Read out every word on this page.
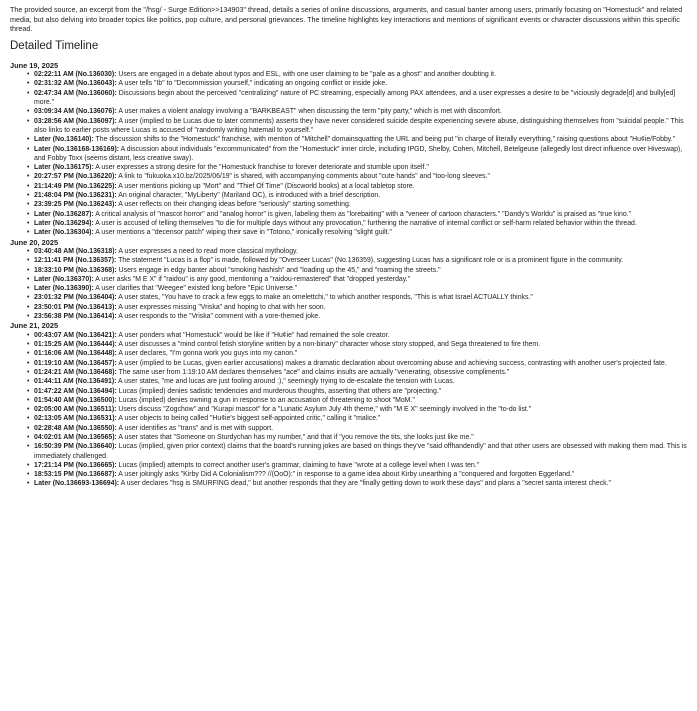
The provided source, an excerpt from the "/hsg/ - Surge Edition>>134903" thread, details a series of online discussions, arguments, and casual banter among users, primarily focusing on "Homestuck" and related media, but also delving into broader topics like politics, pop culture, and personal grievances. The timeline highlights key interactions and mentions of significant events or character discussions within this specific thread.

Detailed Timeline
June 19, 2025
• 02:22:11 AM (No.136030): Users are engaged in a debate about typos and ESL, with one user claiming to be "pale as a ghost" and another doubting it.
• 02:31:32 AM (No.136043): A user tells "Ib" to "Decommission yourself," indicating an ongoing conflict or inside joke.
• 02:47:34 AM (No.136060): Discussions begin about the perceived "centralizing" nature of PC streaming, especially among PAX attendees, and a user expresses a desire to be "viciously degrade[d] and bully[ed] more."
• 03:09:34 AM (No.136076): A user makes a violent analogy involving a "BARKBEAST" when discussing the term "pity party," which is met with discomfort.
• 03:28:56 AM (No.136097): A user (implied to be Lucas due to later comments) asserts they have never considered suicide despite experiencing severe abuse, distinguishing themselves from "suicidal people." This also links to earlier posts where Lucas is accused of "randomly writing hatemail to yourself."
• Later (No.136140): The discussion shifts to the "Homestuck" franchise, with mention of "Mitchell" domainsquatting the URL and being put "in charge of literally everything," raising questions about "Hu¢ie/Fobby."
• Later (No.136168-136169): A discussion about individuals "excommunicated" from the "Homestuck" inner circle, including IPGD, Shelby, Cohen, Mitchell, Betelgeuse (allegedly lost direct influence over Hiveswap), and Fobby Toxx (seems distant, less creative sway).
• Later (No.136175): A user expresses a strong desire for the "Homestuck franchise to forever deteriorate and stumble upon itself."
• 20:27:57 PM (No.136220): A link to "fukuoka.x10.bz/2025/06/19" is shared, with accompanying comments about "cute hands" and "too-long sleeves."
• 21:14:49 PM (No.136225): A user mentions picking up "Mort" and "Thief Of Time" (Discworld books) at a local tabletop store.
• 21:48:04 PM (No.136231): An original character, "MyLiberty" (Mariland OC), is introduced with a brief description.
• 23:39:25 PM (No.136243): A user reflects on their changing ideas before "seriously" starting something.
• Later (No.136287): A critical analysis of "mascot horror" and "analog horror" is given, labeling them as "lorebaiting" with a "veneer of cartoon characters." "Dandy's Worldu" is praised as "true kino."
• Later (No.136294): A user is accused of telling themselves "to die for multiple days without any provocation," furthering the narrative of internal conflict or self-harm related behavior within the thread.
• Later (No.136304): A user mentions a "decensor patch" wiping their save in "Totono," ironically resolving "slight guilt."
June 20, 2025
• 03:40:48 AM (No.136318): A user expresses a need to read more classical mythology.
• 12:11:41 PM (No.136357): The statement "Lucas is a flop" is made, followed by "Overseer Lucas" (No.136359), suggesting Lucas has a significant role or is a prominent figure in the community.
• 18:33:10 PM (No.136368): Users engage in edgy banter about "smoking hashish" and "loading up the 45," and "roaming the streets."
• Later (No.136370): A user asks "M E X" if "raidou" is any good, mentioning a "raidou-remastered" that "dropped yesterday."
• Later (No.136390): A user clarifies that "Weegee" existed long before "Epic Universe."
• 23:01:32 PM (No.136404): A user states, "You have to crack a few eggs to make an omelettchi," to which another responds, "This is what Israel ACTUALLY thinks."
• 23:50:01 PM (No.136413): A user expresses missing "Vriska" and hoping to chat with her soon.
• 23:56:38 PM (No.136414): A user responds to the "Vriska" comment with a vore-themed joke.
June 21, 2025
• 00:43:07 AM (No.136421): A user ponders what "Homestuck" would be like if "Hu¢ie" had remained the sole creator.
• 01:15:25 AM (No.136444): A user discusses a "mind control fetish storyline written by a non-binary" character whose story stopped, and Sega threatened to fire them.
• 01:16:06 AM (No.136448): A user declares, "I'm gonna work you guys into my canon."
• 01:19:10 AM (No.136457): A user (implied to be Lucas, given earlier accusations) makes a dramatic declaration about overcoming abuse and achieving success, contrasting with another user's projected fate.
• 01:24:21 AM (No.136468): The same user from 1:19:10 AM declares themselves "ace" and claims insults are actually "venerating, obsessive compliments."
• 01:44:11 AM (No.136491): A user states, "me and lucas are just fooling around :)," seemingly trying to de-escalate the tension with Lucas.
• 01:47:22 AM (No.136494): Lucas (implied) denies sadistic tendencies and murderous thoughts, asserting that others are "projecting."
• 01:54:40 AM (No.136500): Lucas (implied) denies owning a gun in response to an accusation of threatening to shoot "MoM."
• 02:05:00 AM (No.136511): Users discuss "Zogchow" and "Kurapi mascot" for a "Lunatic Asylum July 4th theme," with "M E X" seemingly involved in the "to-do list."
• 02:13:05 AM (No.136531): A user objects to being called "Hu¢ie's biggest self-appointed critic," calling it "malice."
• 02:28:48 AM (No.136550): A user identifies as "trans" and is met with support.
• 04:02:01 AM (No.136565): A user states that "Someone on Sturdychan has my number," and that if "you remove the tits, she looks just like me."
• 16:50:39 PM (No.136640): Lucas (implied, given prior context) claims that the board's running jokes are based on things they've "said offhandendly" and that other users are obsessed with making them mad. This is immediately challenged.
• 17:21:14 PM (No.136665): Lucas (implied) attempts to correct another user's grammar, claiming to have "wrote at a college level when I was ten."
• 18:53:15 PM (No.136687): A user jokingly asks "Kirby Did A Colonialism??? //(OoO):" in response to a game idea about Kirby unearthing a "conquered and forgotten Eggerland."
• Later (No.136693-136694): A user declares "hsg is SMURFING dead," but another responds that they are "finally getting down to work these days" and plans a "secret santa interest check."
